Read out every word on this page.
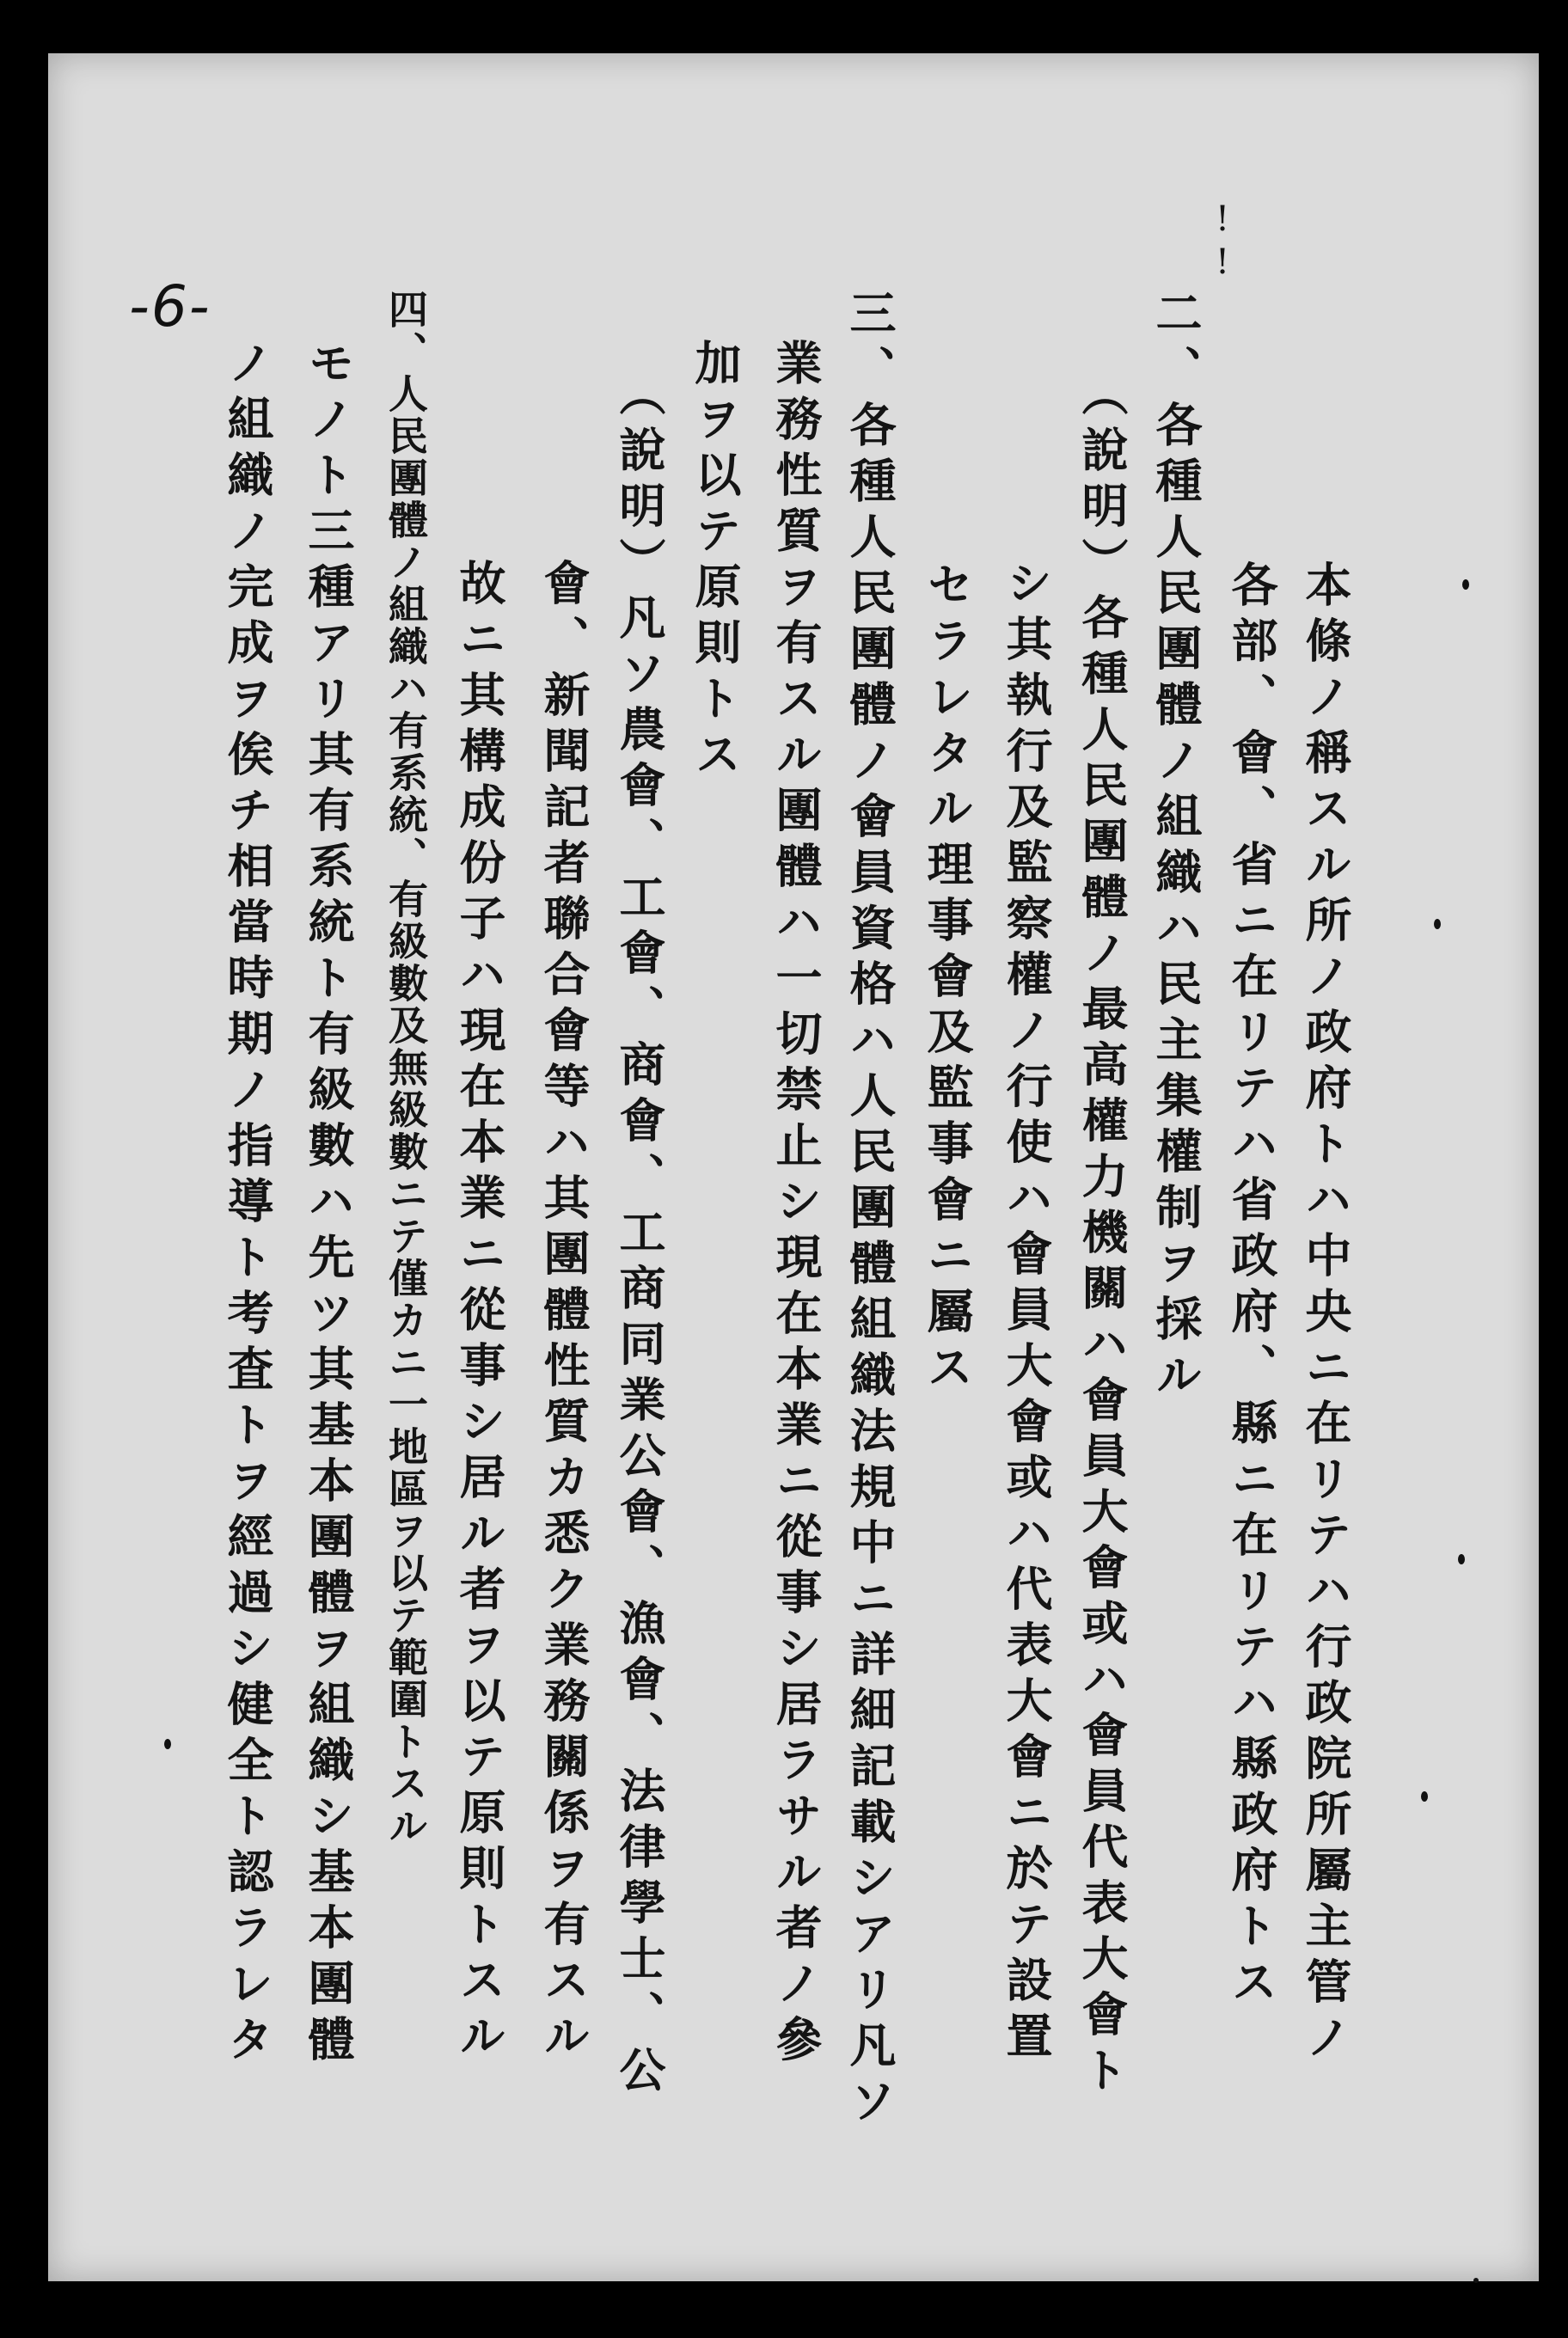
-6-
!!
本條ノ稱スル所ノ政府トハ中央ニ在リテハ行政院所屬主管ノ
各部、會、省ニ在リテハ省政府、縣ニ在リテハ縣政府トス
二、各種人民團體ノ組織ハ民主集權制ヲ採ル
（說明）各種人民團體ノ最高權力機關ハ會員大會或ハ會員代表大會ト
シ其執行及監察權ノ行使ハ會員大會或ハ代表大會ニ於テ設置
セラレタル理事會及監事會ニ屬ス
三、各種人民團體ノ會員資格ハ人民團體組織法規中ニ詳細記載シアリ凡ソ
業務性質ヲ有スル團體ハ一切禁止シ現在本業ニ從事シ居ラサル者ノ參
加ヲ以テ原則トス
（說明）凡ソ農會、工會、商會、工商同業公會、漁會、法律學士、公
會、新聞記者聯合會等ハ其團體性質カ悉ク業務關係ヲ有スル
故ニ其構成份子ハ現在本業ニ從事シ居ル者ヲ以テ原則トスル
四、人民團體ノ組織ハ有系統、有級數及無級數ニテ僅カニ一地區ヲ以テ範圍トスル
モノト三種アリ其有系統ト有級數ハ先ツ其基本團體ヲ組織シ基本團體
ノ組織ノ完成ヲ俟チ相當時期ノ指導ト考査トヲ經過シ健全ト認ラレタ
